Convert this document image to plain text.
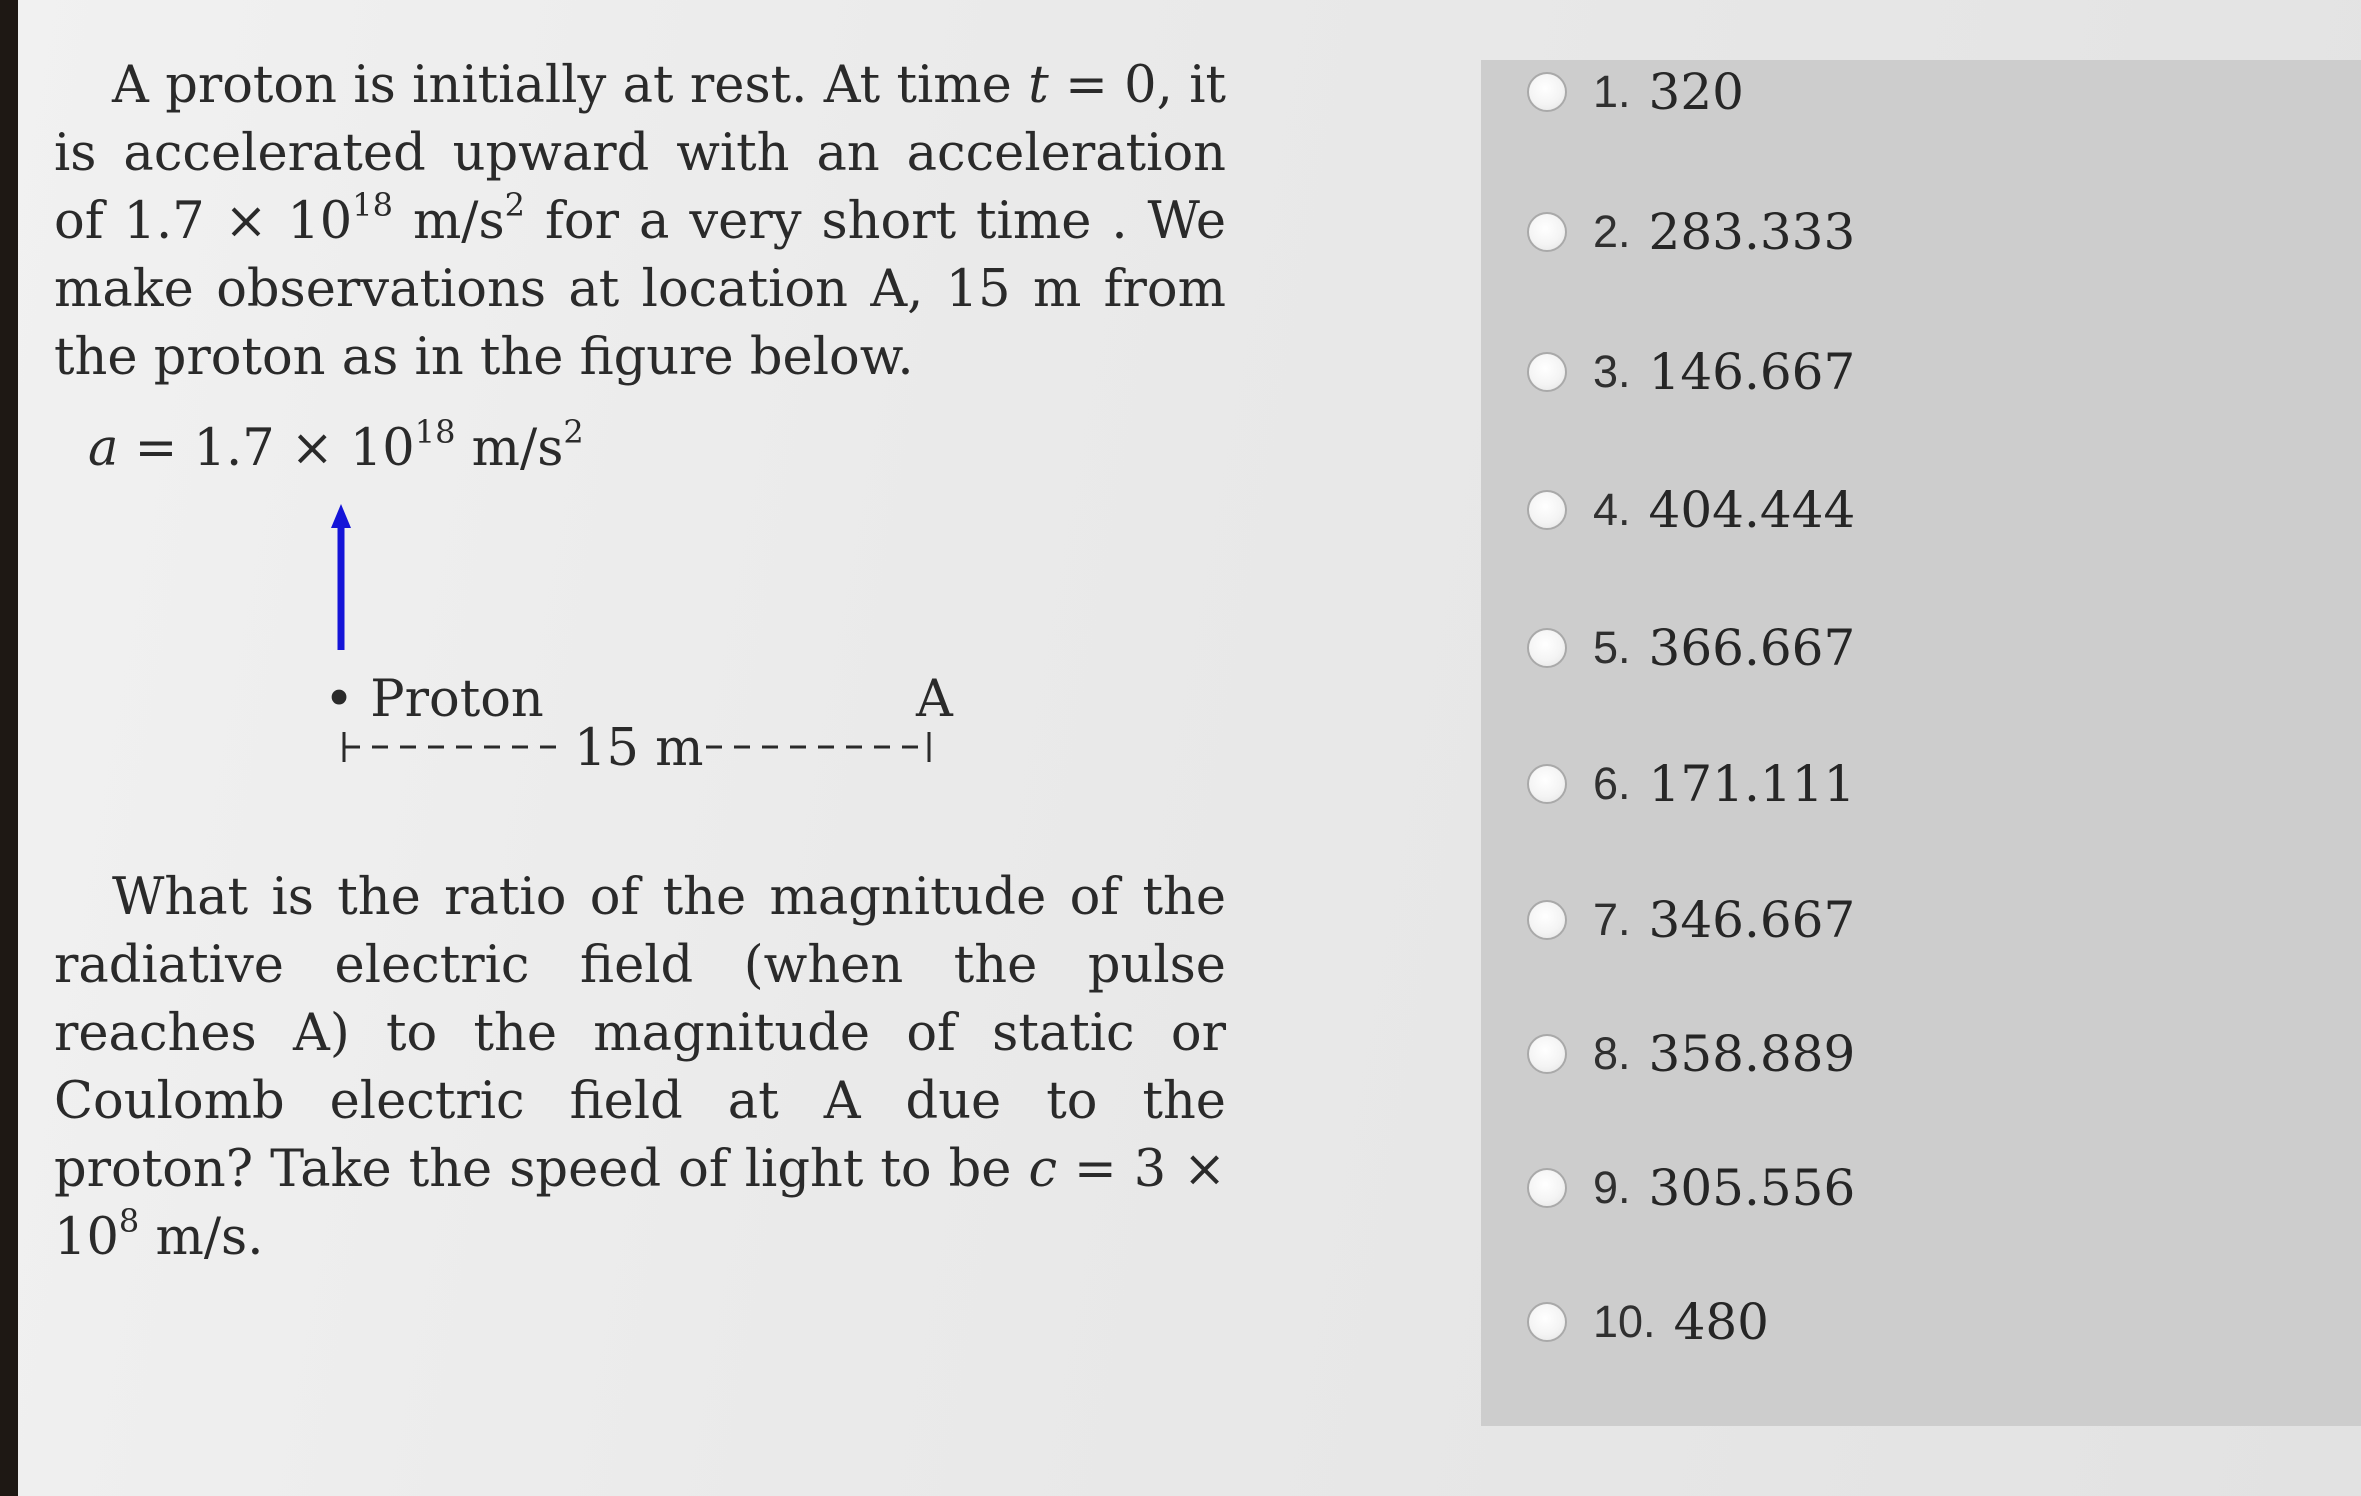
A proton is initially at rest. At time t = 0, it is accelerated upward with an acceleration of $1.7 \times 10^{18}$ $m/s^2$ for a very short time . We make observations at location A, 15 m from the proton as in the figure below.

$a = 1.7 \times 10^{18}$ $m/s^2$
• Proton	A
15 m

What is the ratio of the magnitude of the radiative electric field (when the pulse reaches A) to the magnitude of static or Coulomb electric field at A due to the proton? Take the speed of light to be $c = 3 \times 10^8$ m/s.

1. 320
2. 283.333
3. 146.667
4. 404.444
5. 366.667
6. 171.111
7. 346.667
8. 358.889
9. 305.556
10. 480
